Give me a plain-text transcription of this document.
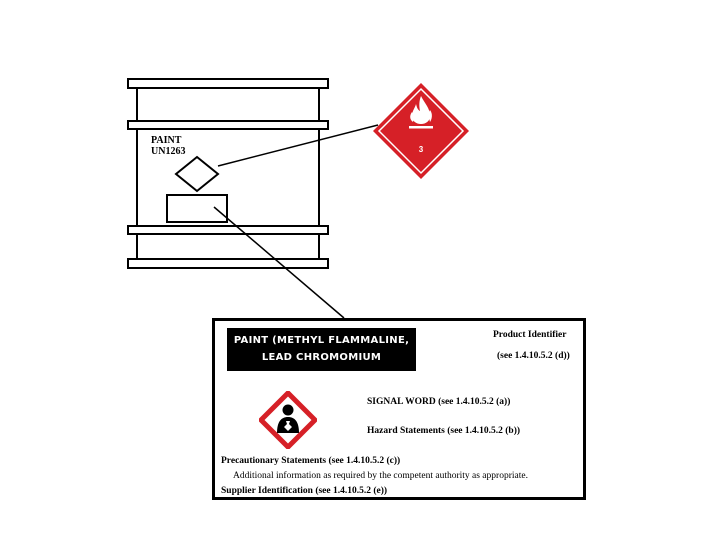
3
PAINT
UN1263
PAINT (METHYL FLAMMALINE,
LEAD CHROMOMIUM
Product Identifier
(see 1.4.10.5.2 (d))
SIGNAL WORD (see 1.4.10.5.2 (a))
Hazard Statements (see 1.4.10.5.2 (b))
Precautionary Statements (see 1.4.10.5.2 (c))
Additional information as required by the competent authority as appropriate.
Supplier Identification (see 1.4.10.5.2 (e))
